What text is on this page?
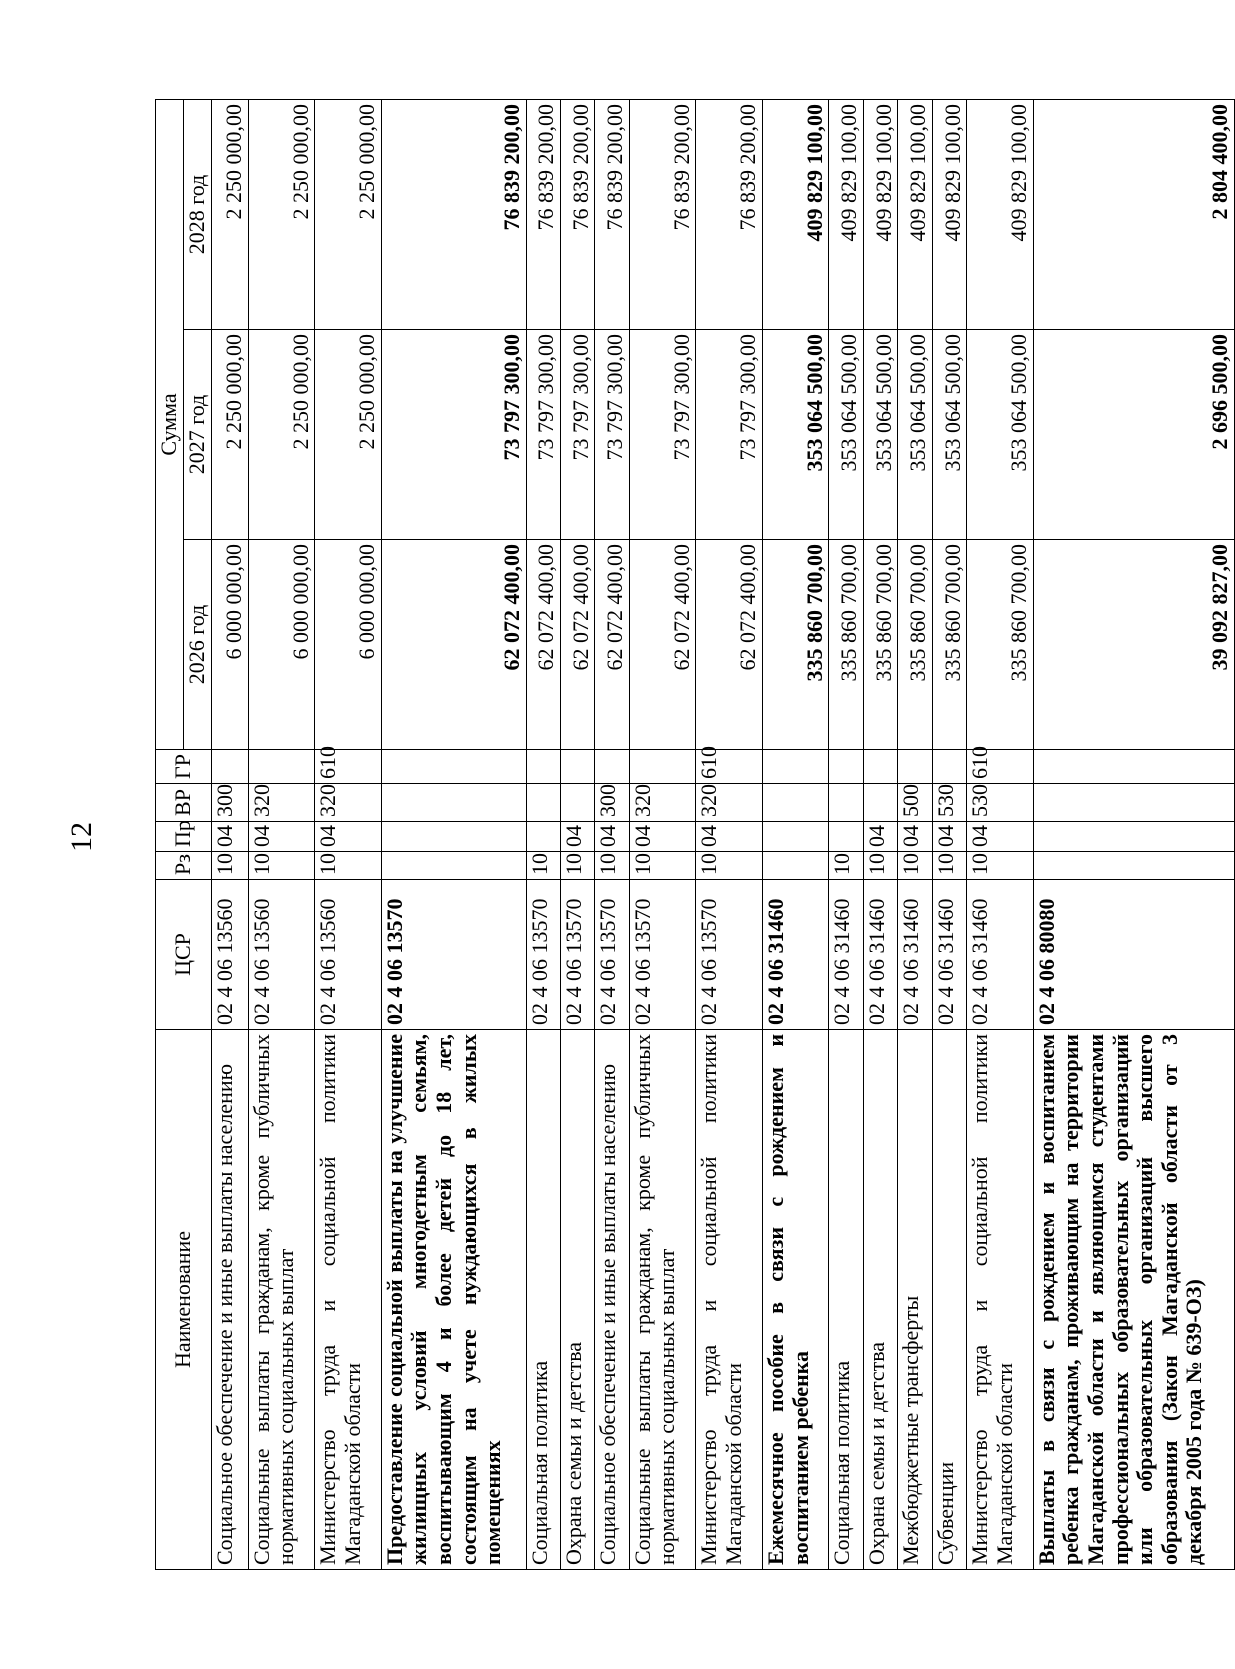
12
Наименование	ЦСР	Рз	Пр	ВР	ГР	Сумма		
						2026 год	2027 год	2028 год
Социальное обеспечение и иные выплаты населению	02 4 06 13560	10	04	300		6 000 000,00	2 250 000,00	2 250 000,00
Социальные выплаты гражданам, кроме публичных нормативных социальных выплат	02 4 06 13560	10	04	320		6 000 000,00	2 250 000,00	2 250 000,00
Министерство труда и социальной политики Магаданской области	02 4 06 13560	10	04	320	610	6 000 000,00	2 250 000,00	2 250 000,00
Предоставление социальной выплаты на улучшение жилищных условий многодетным семьям, воспитывающим 4 и более детей до 18 лет, состоящим на учете нуждающихся в жилых помещениях	02 4 06 13570					62 072 400,00	73 797 300,00	76 839 200,00
Социальная политика	02 4 06 13570	10				62 072 400,00	73 797 300,00	76 839 200,00
Охрана семьи и детства	02 4 06 13570	10	04			62 072 400,00	73 797 300,00	76 839 200,00
Социальное обеспечение и иные выплаты населению	02 4 06 13570	10	04	300		62 072 400,00	73 797 300,00	76 839 200,00
Социальные выплаты гражданам, кроме публичных нормативных социальных выплат	02 4 06 13570	10	04	320		62 072 400,00	73 797 300,00	76 839 200,00
Министерство труда и социальной политики Магаданской области	02 4 06 13570	10	04	320	610	62 072 400,00	73 797 300,00	76 839 200,00
Ежемесячное пособие в связи с рождением и воспитанием ребенка	02 4 06 31460					335 860 700,00	353 064 500,00	409 829 100,00
Социальная политика	02 4 06 31460	10				335 860 700,00	353 064 500,00	409 829 100,00
Охрана семьи и детства	02 4 06 31460	10	04			335 860 700,00	353 064 500,00	409 829 100,00
Межбюджетные трансферты	02 4 06 31460	10	04	500		335 860 700,00	353 064 500,00	409 829 100,00
Субвенции	02 4 06 31460	10	04	530		335 860 700,00	353 064 500,00	409 829 100,00
Министерство труда и социальной политики Магаданской области	02 4 06 31460	10	04	530	610	335 860 700,00	353 064 500,00	409 829 100,00
Выплаты в связи с рождением и воспитанием ребенка гражданам, проживающим на территории Магаданской области и являющимся студентами профессиональных образовательных организаций или образовательных организаций высшего образования (Закон Магаданской области от 3 декабря 2005 года № 639-ОЗ)	02 4 06 80080					39 092 827,00	2 696 500,00	2 804 400,00
